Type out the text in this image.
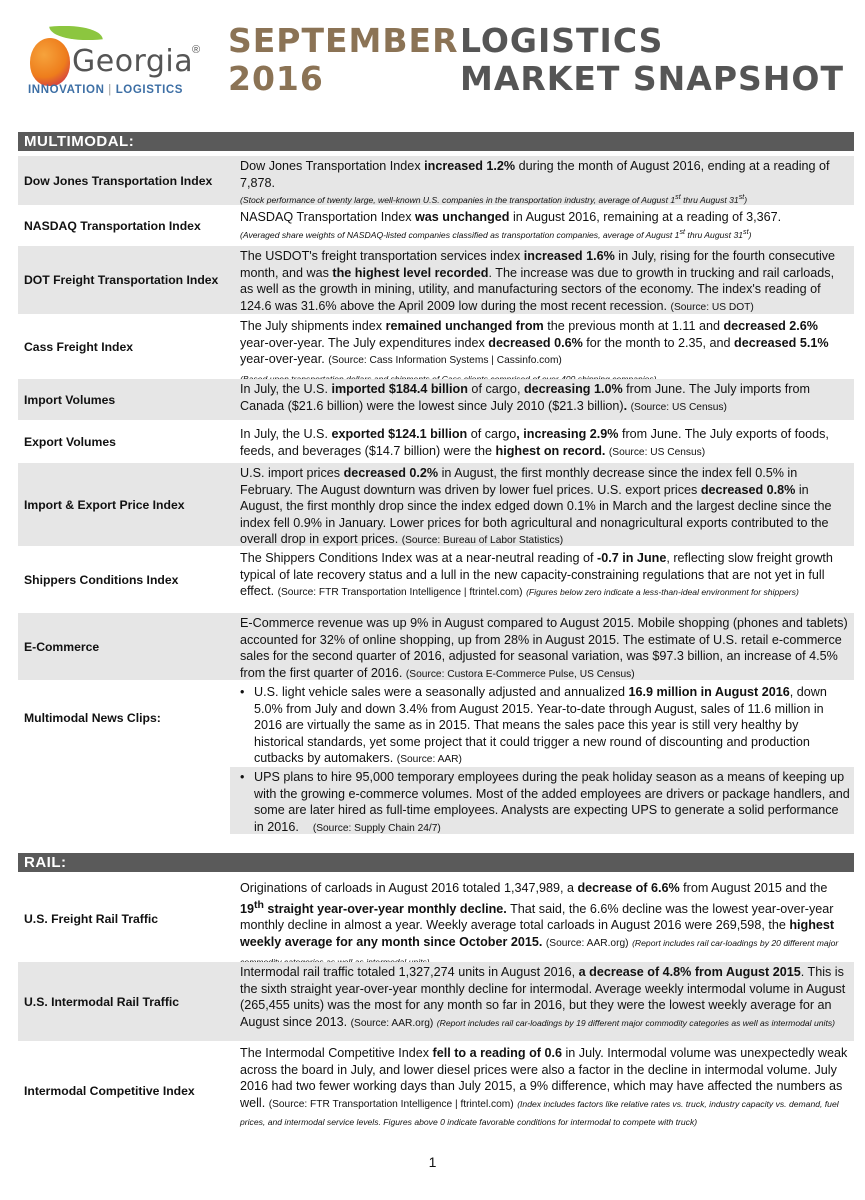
Georgia
®
INNOVATION | LOGISTICS
SEPTEMBER
2016
LOGISTICS
MARKET SNAPSHOT
MULTIMODAL:
Dow Jones Transportation Index
Dow Jones Transportation Index increased 1.2% during the month of August 2016, ending at a reading of 7,878.
(Stock performance of twenty large, well-known U.S. companies in the transportation industry, average of August 1st thru August 31st)
NASDAQ Transportation Index
NASDAQ Transportation Index was unchanged in August 2016, remaining at a reading of 3,367.
(Averaged share weights of NASDAQ-listed companies classified as transportation companies, average of August 1st thru August 31st)
DOT Freight Transportation Index
The USDOT's freight transportation services index increased 1.6% in July, rising for the fourth consecutive month, and was the highest level recorded. The increase was due to growth in trucking and rail carloads, as well as the growth in mining, utility, and manufacturing sectors of the economy. The index's reading of 124.6 was 31.6% above the April 2009 low during the most recent recession. (Source: US DOT)
Cass Freight Index
The July shipments index remained unchanged from the previous month at 1.11 and decreased 2.6% year-over-year. The July expenditures index decreased 0.6% for the month to 2.35, and decreased 5.1% year-over-year. (Source: Cass Information Systems | Cassinfo.com)

Import Volumes
In July, the U.S. imported $184.4 billion of cargo, decreasing 1.0% from June. The July imports from Canada ($21.6 billion) were the lowest since July 2010 ($21.3 billion). (Source: US Census)
Export Volumes
In July, the U.S. exported $124.1 billion of cargo, increasing 2.9% from June. The July exports of foods, feeds, and beverages ($14.7 billion) were the highest on record. (Source: US Census)
Import & Export Price Index
U.S. import prices decreased 0.2% in August, the first monthly decrease since the index fell 0.5% in February. The August downturn was driven by lower fuel prices. U.S. export prices decreased 0.8% in August, the first monthly drop since the index edged down 0.1% in March and the largest decline since the index fell 0.9% in January. Lower prices for both agricultural and nonagricultural exports contributed to the overall drop in export prices. (Source: Bureau of Labor Statistics)
Shippers Conditions Index
The Shippers Conditions Index was at a near-neutral reading of -0.7 in June, reflecting slow freight growth typical of late recovery status and a lull in the new capacity-constraining regulations that are not yet in full effect. (Source: FTR Transportation Intelligence | ftrintel.com) (Figures below zero indicate a less-than-ideal environment for shippers)
E-Commerce
E-Commerce revenue was up 9% in August compared to August 2015. Mobile shopping (phones and tablets) accounted for 32% of online shopping, up from 28% in August 2015. The estimate of U.S. retail e-commerce sales for the second quarter of 2016, adjusted for seasonal variation, was $97.3 billion, an increase of 4.5% from the first quarter of 2016. (Source: Custora E-Commerce Pulse, US Census)
Multimodal News Clips:
• U.S. light vehicle sales were a seasonally adjusted and annualized 16.9 million in August 2016, down 5.0% from July and down 3.4% from August 2015. Year-to-date through August, sales of 11.6 million in 2016 are virtually the same as in 2015. That means the sales pace this year is still very healthy by historical standards, yet some project that it could trigger a new round of discounting and production cutbacks by automakers. (Source: AAR)
• UPS plans to hire 95,000 temporary employees during the peak holiday season as a means of keeping up with the growing e-commerce volumes. Most of the added employees are drivers or package handlers, and some are later hired as full-time employees. Analysts are expecting UPS to generate a solid performance in 2016.    (Source: Supply Chain 24/7)
RAIL:
U.S. Freight Rail Traffic
Originations of carloads in August 2016 totaled 1,347,989, a decrease of 6.6% from August 2015 and the 19th straight year-over-year monthly decline. That said, the 6.6% decline was the lowest year-over-year monthly decline in almost a year. Weekly average total carloads in August 2016 were 269,598, the highest weekly average for any month since October 2015. (Source: AAR.org) (Report includes rail car-loadings by 20 different major
U.S. Intermodal Rail Traffic
Intermodal rail traffic totaled 1,327,274 units in August 2016, a decrease of 4.8% from August 2015. This is the sixth straight year-over-year monthly decline for intermodal. Average weekly intermodal volume in August (265,455 units) was the most for any month so far in 2016, but they were the lowest weekly average for an August since 2013. (Source: AAR.org) (Report includes rail car-loadings by 19 different major commodity categories as well as intermodal units)
Intermodal Competitive Index
The Intermodal Competitive Index fell to a reading of 0.6 in July. Intermodal volume was unexpectedly weak across the board in July, and lower diesel prices were also a factor in the decline in intermodal volume. July 2016 had two fewer working days than July 2015, a 9% difference, which may have affected the numbers as well. (Source: FTR Transportation Intelligence | ftrintel.com) (Index includes factors like relative rates vs. truck, industry capacity vs. demand, fuel prices, and intermodal service levels. Figures above 0 indicate favorable conditions for intermodal to compete with truck)
1
